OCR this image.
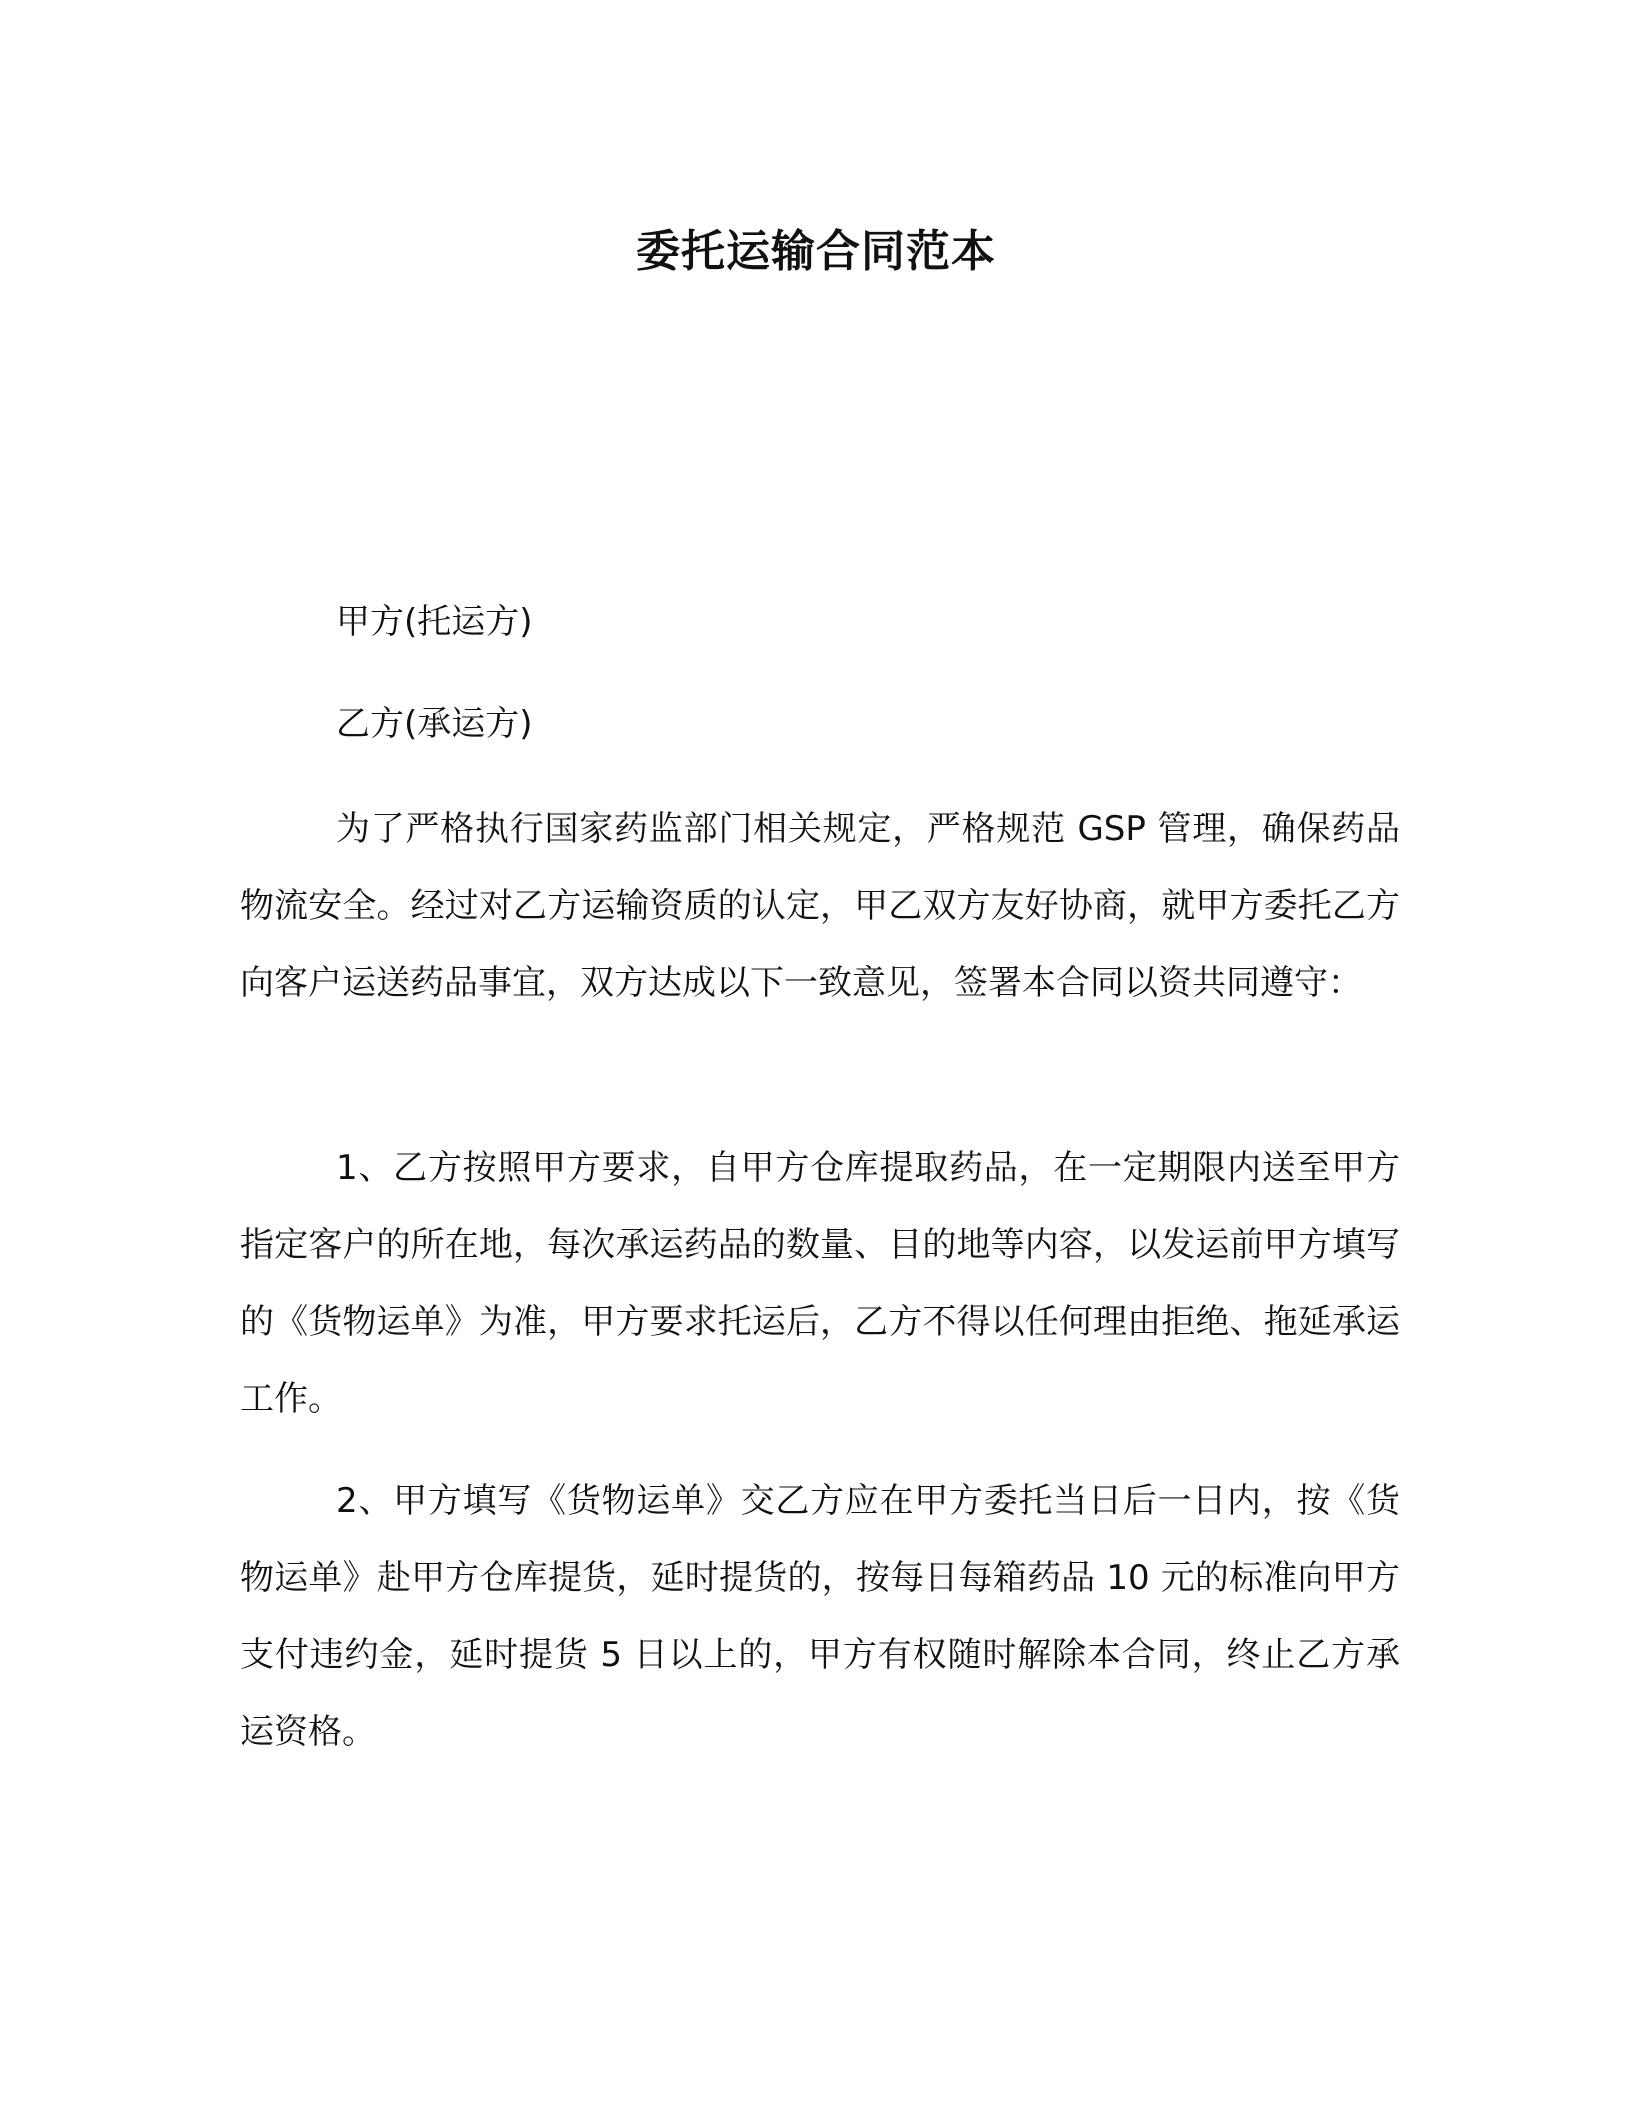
委托运输合同范本
甲方(托运方)
乙方(承运方)

为了严格执行国家药监部门相关规定，严格规范 GSP 管理，确保药品物流安全。经过对乙方运输资质的认定，甲乙双方友好协商，就甲方委托乙方向客户运送药品事宜，双方达成以下一致意见，签署本合同以资共同遵守：

1、乙方按照甲方要求，自甲方仓库提取药品，在一定期限内送至甲方指定客户的所在地，每次承运药品的数量、目的地等内容，以发运前甲方填写的《货物运单》为准，甲方要求托运后，乙方不得以任何理由拒绝、拖延承运工作。

2、甲方填写《货物运单》交乙方应在甲方委托当日后一日内，按《货物运单》赴甲方仓库提货，延时提货的，按每日每箱药品 10 元的标准向甲方支付违约金，延时提货 5 日以上的，甲方有权随时解除本合同，终止乙方承运资格。
